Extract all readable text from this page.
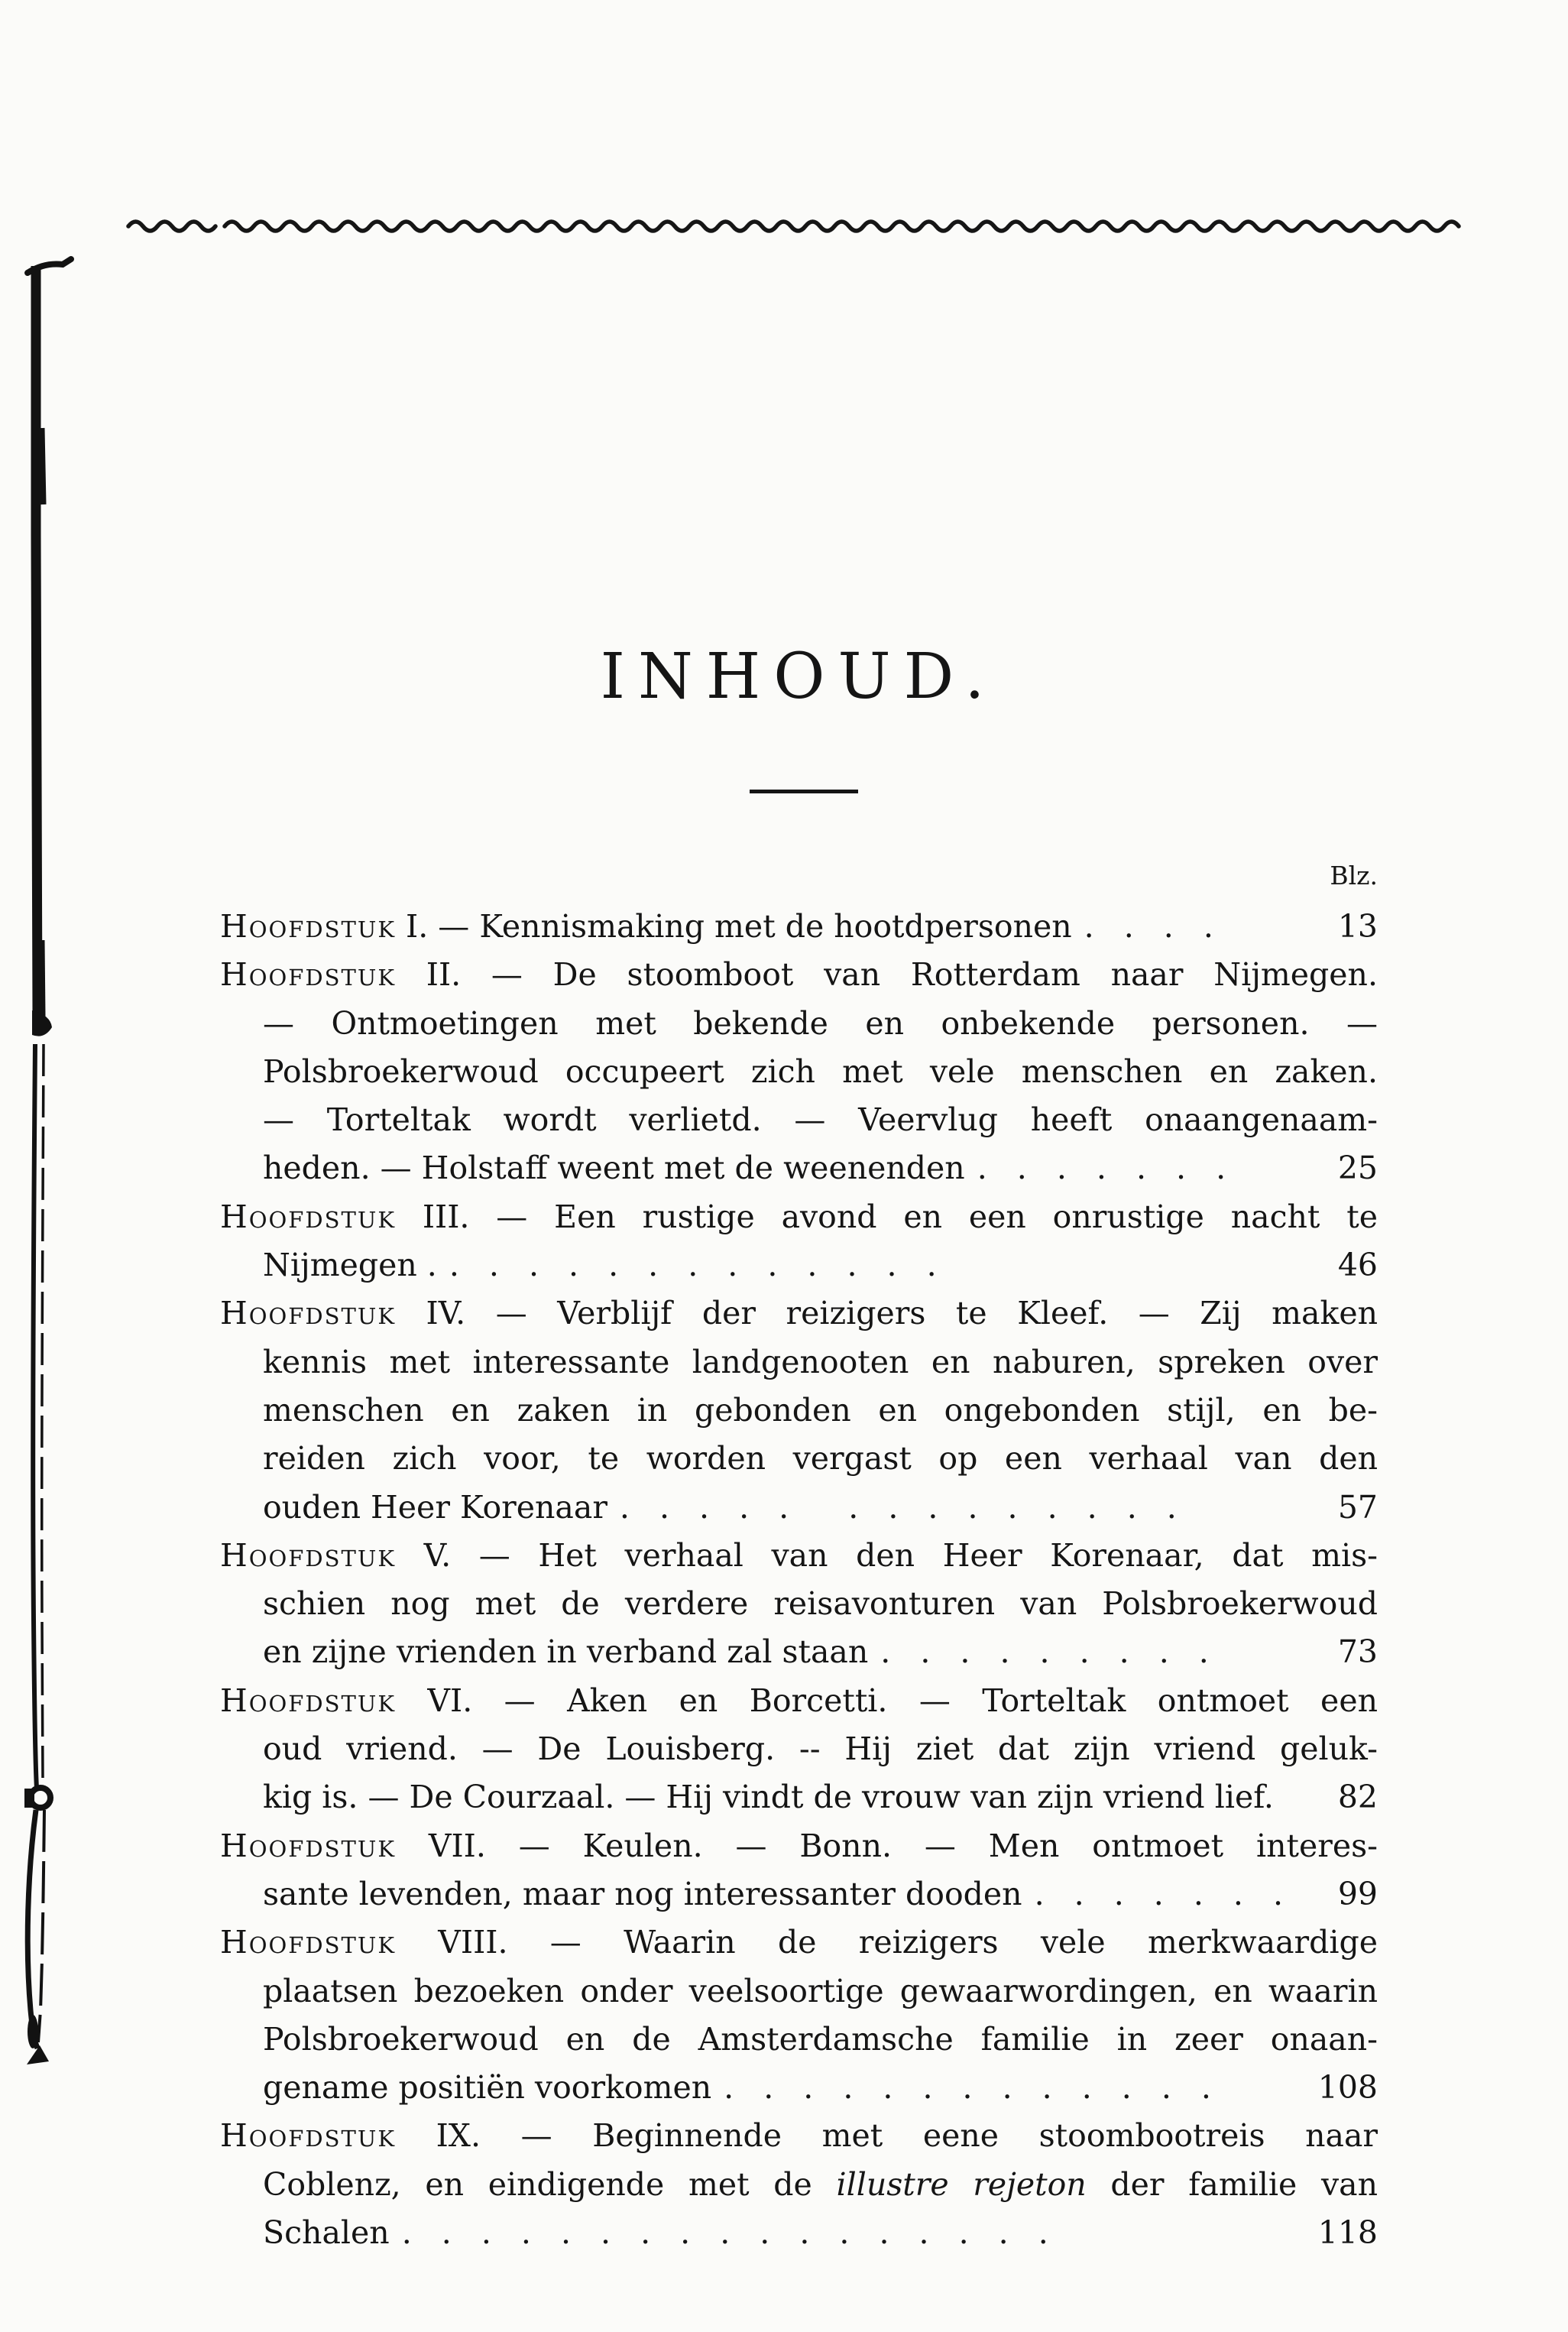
INHOUD.
Blz.
Hoofdstuk I. — Kennismaking met de hootdpersonen . . . .	13
Hoofdstuk II. — De stoomboot van Rotterdam naar Nijmegen.
— Ontmoetingen met bekende en onbekende personen. —
Polsbroekerwoud occupeert zich met vele menschen en zaken.
— Torteltak wordt verlietd. — Veervlug heeft onaangenaam-
heden. — Holstaff weent met de weenenden . . . . . . .	25
Hoofdstuk III. — Een rustige avond en een onrustige nacht te
Nijmegen . . . . . . . . . . . . . .	46
Hoofdstuk IV. — Verblijf der reizigers te Kleef. — Zij maken
kennis met interessante landgenooten en naburen, spreken over
menschen en zaken in gebonden en ongebonden stijl, en be-
reiden zich voor, te worden vergast op een verhaal van den
ouden Heer Korenaar . . . . .  . . . . . . . . .	57
Hoofdstuk V. — Het verhaal van den Heer Korenaar, dat mis-
schien nog met de verdere reisavonturen van Polsbroekerwoud
en zijne vrienden in verband zal staan . . . . . . . . .	73
Hoofdstuk VI. — Aken en Borcetti. — Torteltak ontmoet een
oud vriend. — De Louisberg. -- Hij ziet dat zijn vriend geluk-
kig is. — De Courzaal. — Hij vindt de vrouw van zijn vriend lief. 82
Hoofdstuk VII. — Keulen. — Bonn. — Men ontmoet interes-
sante levenden, maar nog interessanter dooden . . . . . . .	99
Hoofdstuk VIII. — Waarin de reizigers vele merkwaardige
plaatsen bezoeken onder veelsoortige gewaarwordingen, en waarin
Polsbroekerwoud en de Amsterdamsche familie in zeer onaan-
gename positiën voorkomen . . . . . . . . . . . . .	108
Hoofdstuk IX. — Beginnende met eene stoombootreis naar
Coblenz, en eindigende met de illustre rejeton der familie van
Schalen . . . . . . . . . . . . . . . . .	118
